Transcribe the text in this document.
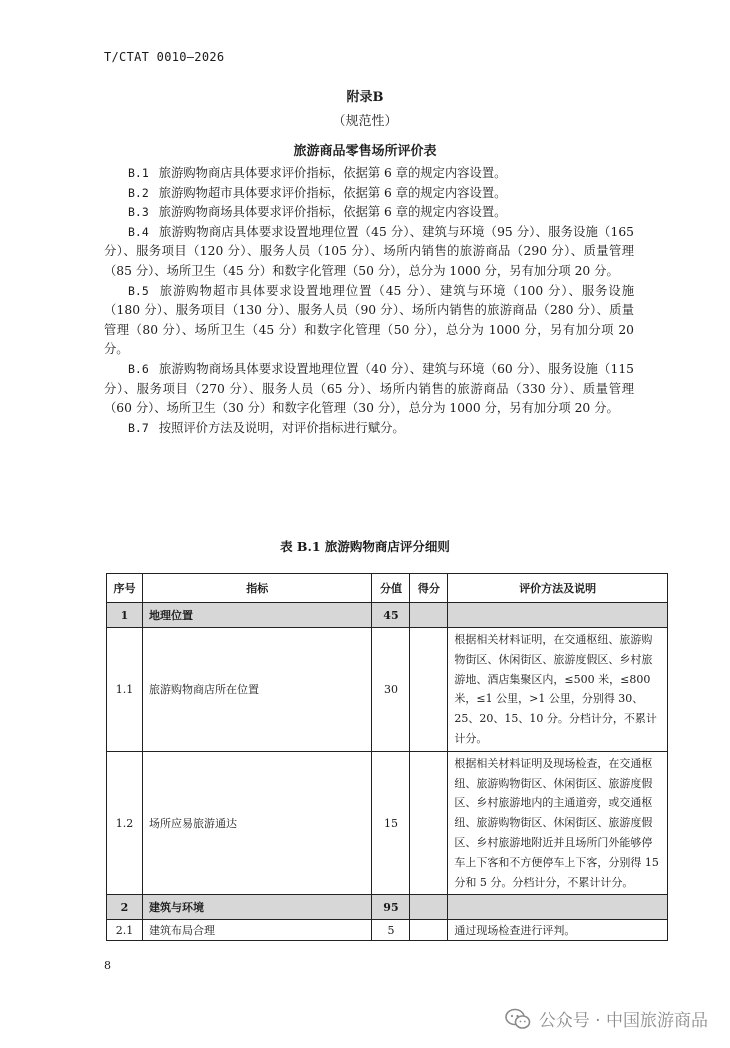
T/CTAT 0010—2026
附录B
（规范性）
旅游商品零售场所评价表

B.1 旅游购物商店具体要求评价指标，依据第 6 章的规定内容设置。

B.2 旅游购物超市具体要求评价指标，依据第 6 章的规定内容设置。

B.3 旅游购物商场具体要求评价指标，依据第 6 章的规定内容设置。

B.4 旅游购物商店具体要求设置地理位置（45 分）、建筑与环境（95 分）、服务设施（165 分）、服务项目（120 分）、服务人员（105 分）、场所内销售的旅游商品（290 分）、质量管理（85 分）、场所卫生（45 分）和数字化管理（50 分），总分为 1000 分，另有加分项 20 分。

B.5 旅游购物超市具体要求设置地理位置（45 分）、建筑与环境（100 分）、服务设施（180 分）、服务项目（130 分）、服务人员（90 分）、场所内销售的旅游商品（280 分）、质量管理（80 分）、场所卫生（45 分）和数字化管理（50 分），总分为 1000 分，另有加分项 20 分。

B.6 旅游购物商场具体要求设置地理位置（40 分）、建筑与环境（60 分）、服务设施（115 分）、服务项目（270 分）、服务人员（65 分）、场所内销售的旅游商品（330 分）、质量管理（60 分）、场所卫生（30 分）和数字化管理（30 分），总分为 1000 分，另有加分项 20 分。

B.7 按照评价方法及说明，对评价指标进行赋分。

表 B.1 旅游购物商店评分细则
序号	指标	分值	得分	评价方法及说明
1	地理位置	45		
1.1	旅游购物商店所在位置	30		根据相关材料证明，在交通枢纽、旅游购物街区、休闲街区、旅游度假区、乡村旅游地、酒店集聚区内，≤500 米，≤800 米，≤1 公里，>1 公里，分别得 30、25、20、15、10 分。分档计分，不累计计分。
1.2	场所应易旅游通达	15		根据相关材料证明及现场检查，在交通枢纽、旅游购物街区、休闲街区、旅游度假区、乡村旅游地内的主通道旁，或交通枢纽、旅游购物街区、休闲街区、旅游度假区、乡村旅游地附近并且场所门外能够停车上下客和不方便停车上下客，分别得 15 分和 5 分。分档计分，不累计计分。
2	建筑与环境	95		
2.1	建筑布局合理	5		通过现场检查进行评判。
8
公众号 · 中国旅游商品
